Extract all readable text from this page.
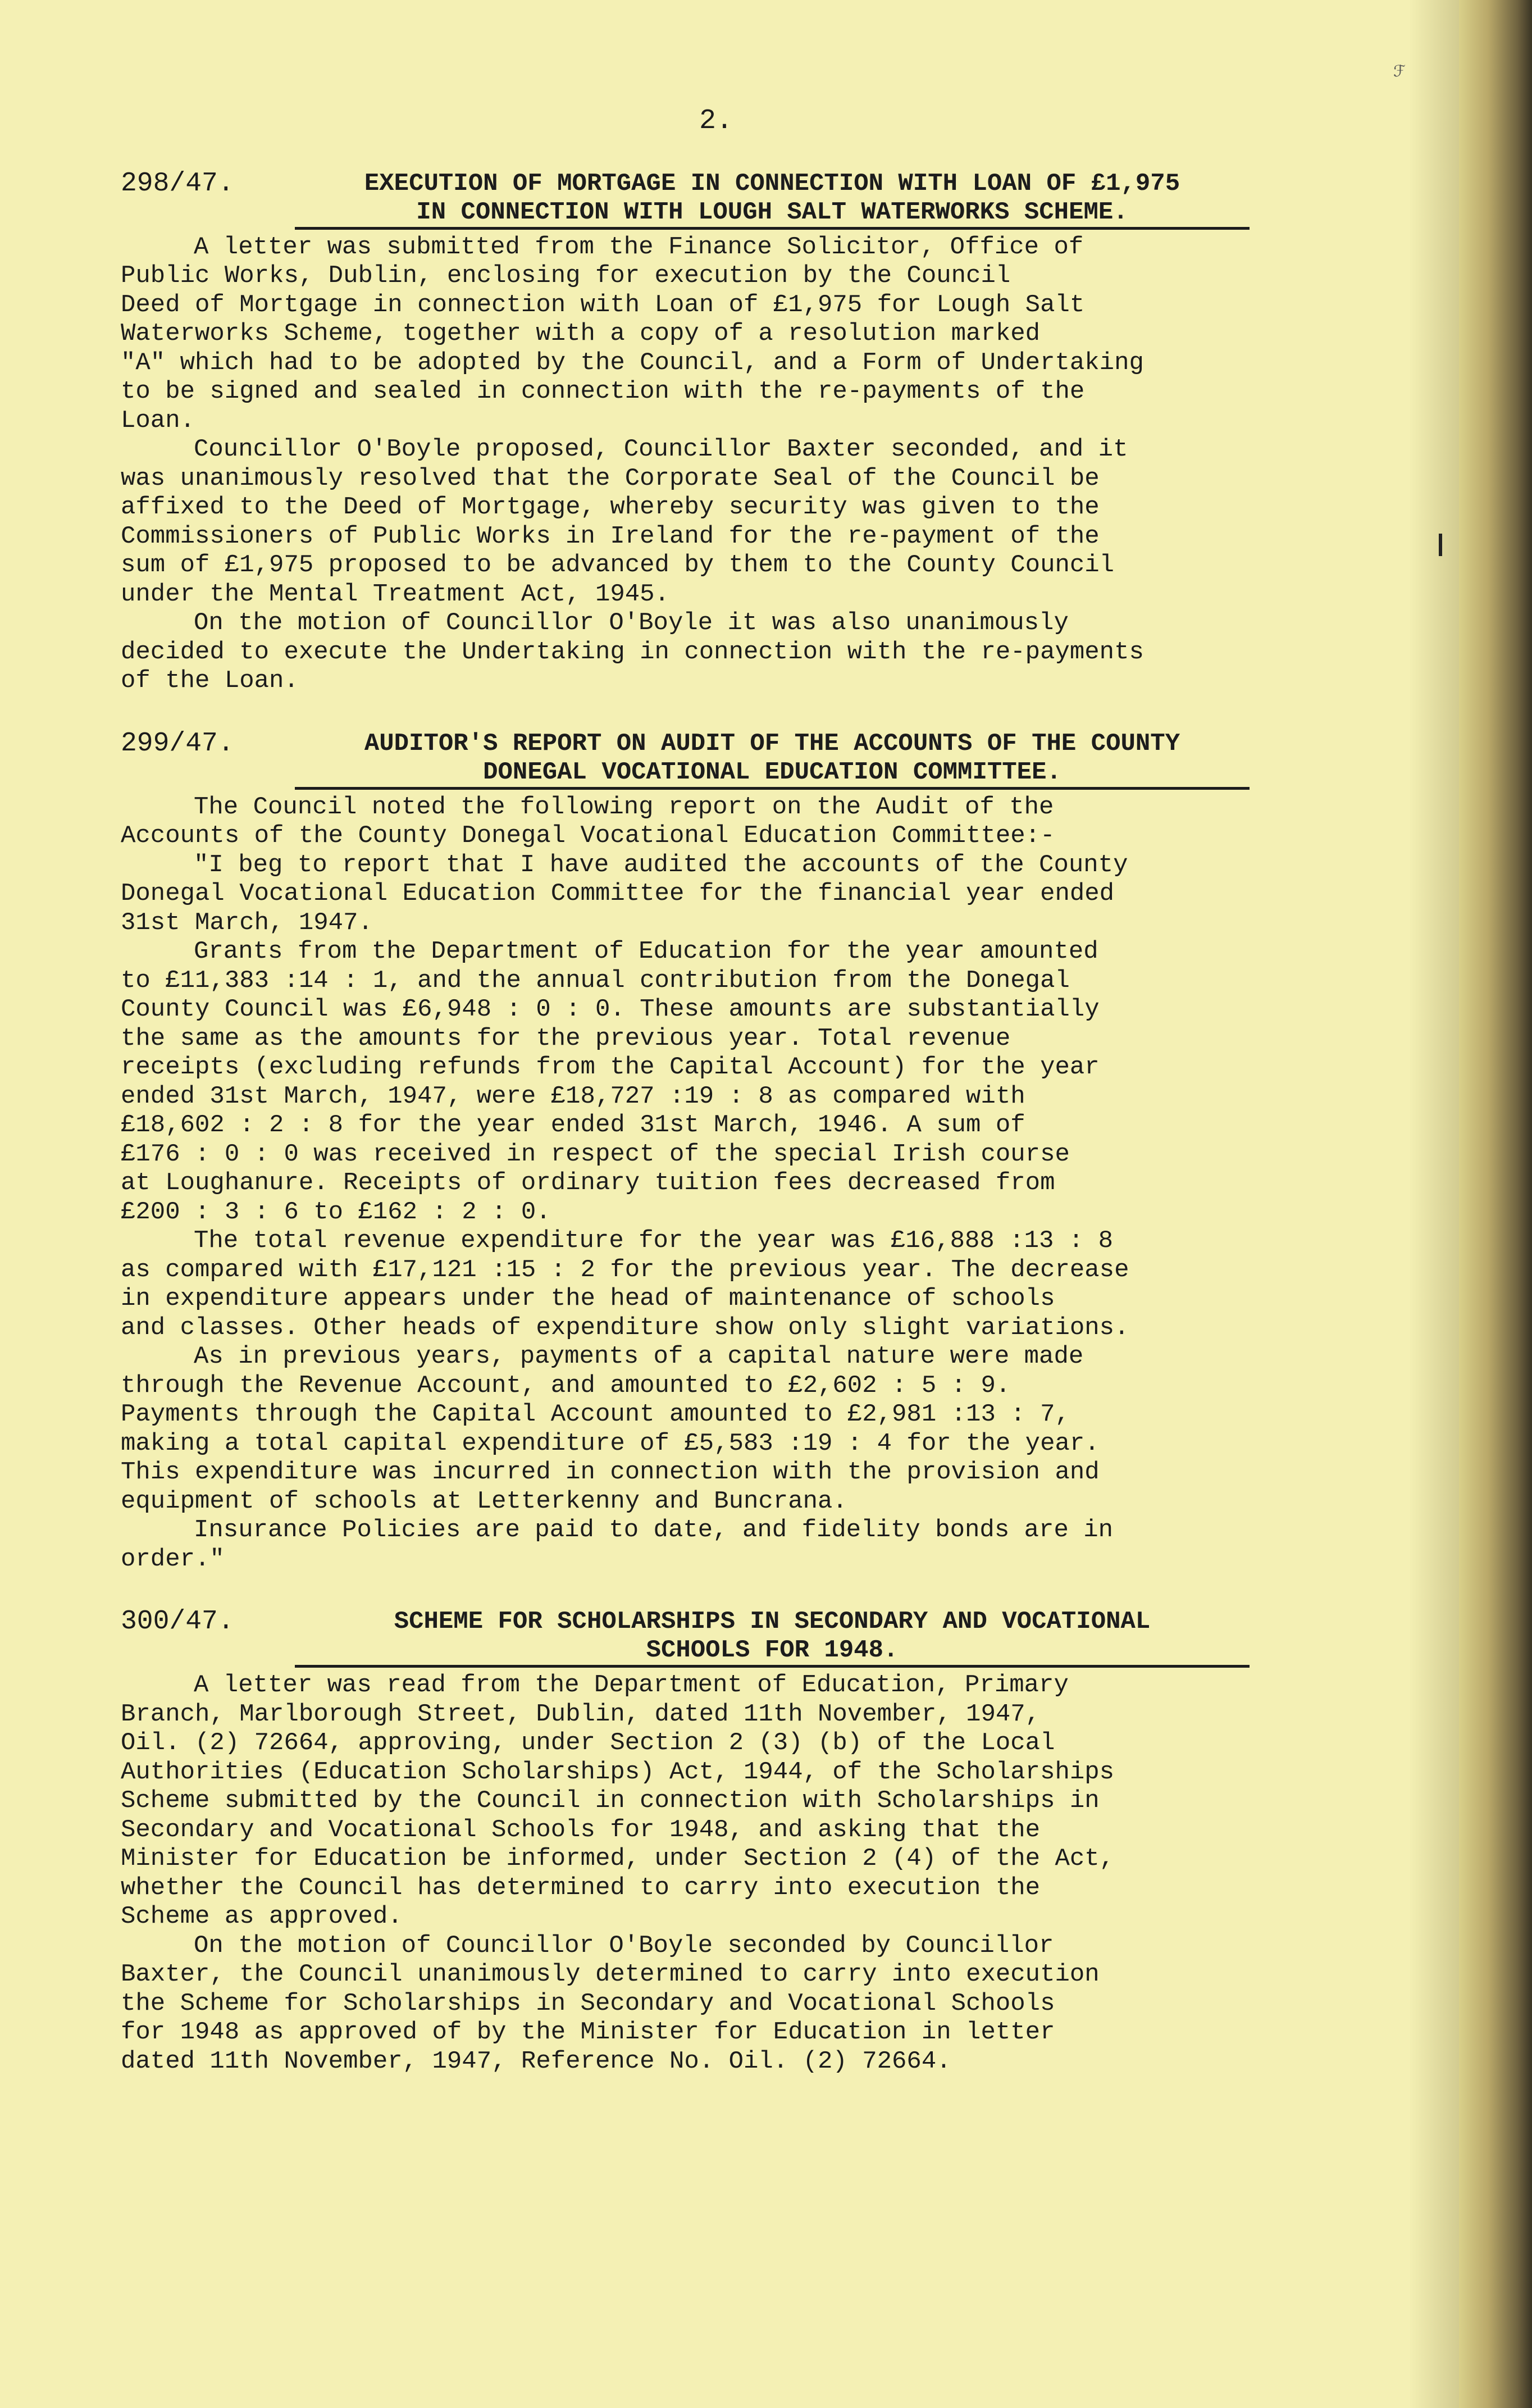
ℱ
2.
298/47.	EXECUTION OF MORTGAGE IN CONNECTION WITH LOAN OF £1,975
IN CONNECTION WITH LOUGH SALT WATERWORKS SCHEME.

A letter was submitted from the Finance Solicitor, Office of
Public Works, Dublin, enclosing for execution by the Council
Deed of Mortgage in connection with Loan of £1,975 for Lough Salt
Waterworks Scheme, together with a copy of a resolution marked
"A" which had to be adopted by the Council, and a Form of Undertaking
to be signed and sealed in connection with the re-payments of the
Loan.

Councillor O'Boyle proposed, Councillor Baxter seconded, and it
was unanimously resolved that the Corporate Seal of the Council be
affixed to the Deed of Mortgage, whereby security was given to the
Commissioners of Public Works in Ireland for the re-payment of the
sum of £1,975 proposed to be advanced by them to the County Council
under the Mental Treatment Act, 1945.

On the motion of Councillor O'Boyle it was also unanimously
decided to execute the Undertaking in connection with the re-payments
of the Loan.

299/47.	AUDITOR'S REPORT ON AUDIT OF THE ACCOUNTS OF THE COUNTY
DONEGAL VOCATIONAL EDUCATION COMMITTEE.

The Council noted the following report on the Audit of the
Accounts of the County Donegal Vocational Education Committee:-

"I beg to report that I have audited the accounts of the County
Donegal Vocational Education Committee for the financial year ended
31st March, 1947.

Grants from the Department of Education for the year amounted
to £11,383 :14 : 1, and the annual contribution from the Donegal
County Council was £6,948 : 0 : 0. These amounts are substantially
the same as the amounts for the previous year. Total revenue
receipts (excluding refunds from the Capital Account) for the year
ended 31st March, 1947, were £18,727 :19 : 8 as compared with
£18,602 : 2 : 8 for the year ended 31st March, 1946. A sum of
£176 : 0 : 0 was received in respect of the special Irish course
at Loughanure. Receipts of ordinary tuition fees decreased from
£200 : 3 : 6 to £162 : 2 : 0.

The total revenue expenditure for the year was £16,888 :13 : 8
as compared with £17,121 :15 : 2 for the previous year. The decrease
in expenditure appears under the head of maintenance of schools
and classes. Other heads of expenditure show only slight variations.

As in previous years, payments of a capital nature were made
through the Revenue Account, and amounted to £2,602 : 5 : 9.
Payments through the Capital Account amounted to £2,981 :13 : 7,
making a total capital expenditure of £5,583 :19 : 4 for the year.
This expenditure was incurred in connection with the provision and
equipment of schools at Letterkenny and Buncrana.

Insurance Policies are paid to date, and fidelity bonds are in
order."

300/47.	SCHEME FOR SCHOLARSHIPS IN SECONDARY AND VOCATIONAL
SCHOOLS FOR 1948.

A letter was read from the Department of Education, Primary
Branch, Marlborough Street, Dublin, dated 11th November, 1947,
Oil. (2) 72664, approving, under Section 2 (3) (b) of the Local
Authorities (Education Scholarships) Act, 1944, of the Scholarships
Scheme submitted by the Council in connection with Scholarships in
Secondary and Vocational Schools for 1948, and asking that the
Minister for Education be informed, under Section 2 (4) of the Act,
whether the Council has determined to carry into execution the
Scheme as approved.

On the motion of Councillor O'Boyle seconded by Councillor
Baxter, the Council unanimously determined to carry into execution
the Scheme for Scholarships in Secondary and Vocational Schools
for 1948 as approved of by the Minister for Education in letter
dated 11th November, 1947, Reference No. Oil. (2) 72664.
